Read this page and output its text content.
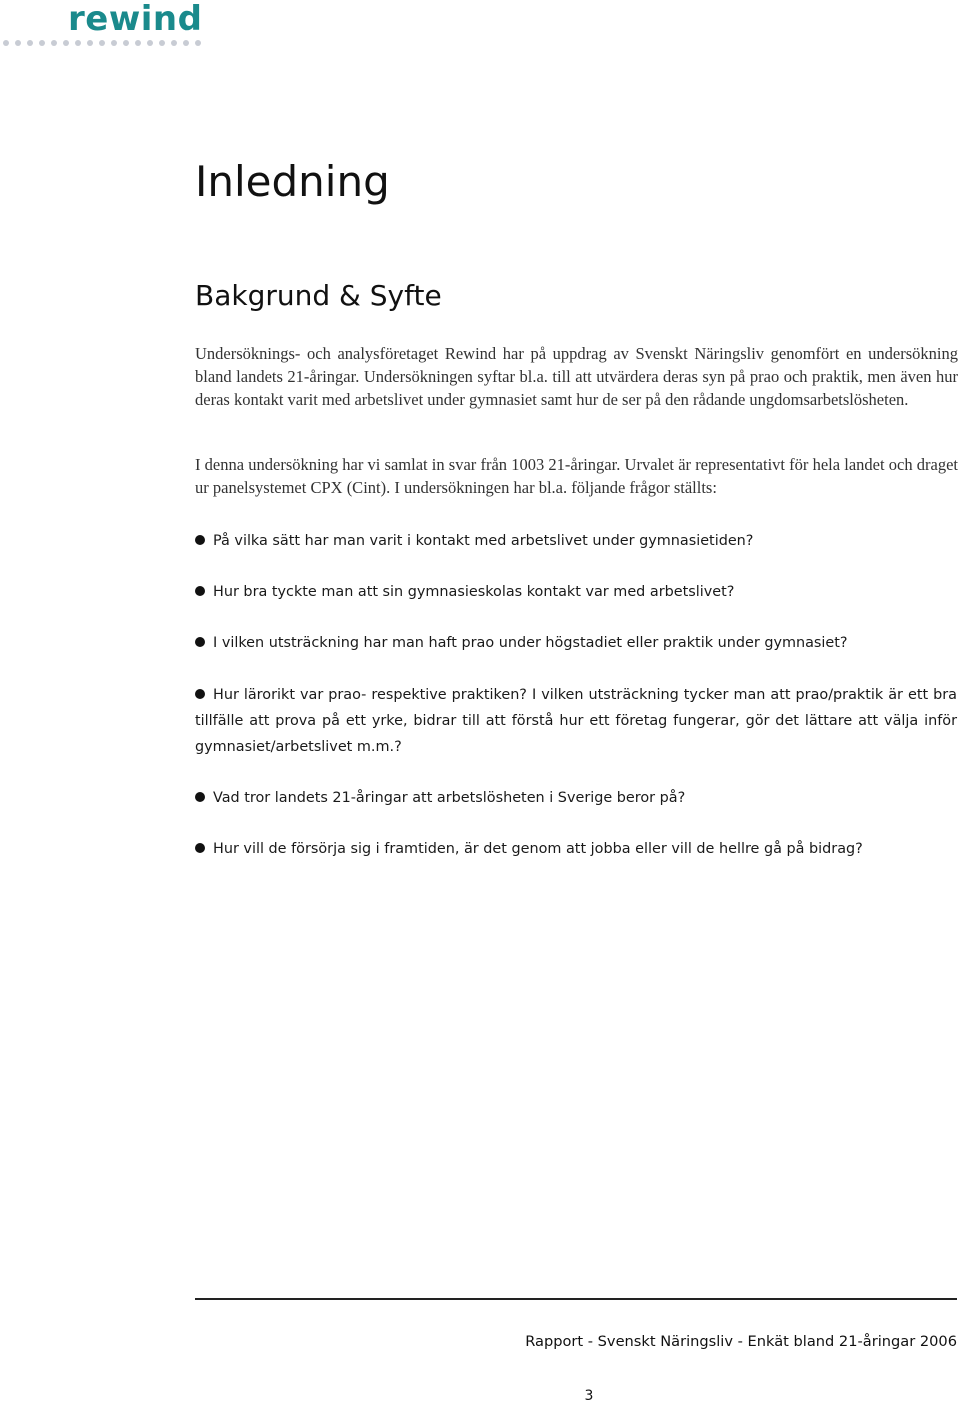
rewind
Inledning
Bakgrund & Syfte

Undersöknings- och analysföretaget Rewind har på uppdrag av Svenskt Näringsliv genomfört en undersökning bland landets 21-åringar. Undersökningen syftar bl.a. till att utvärdera deras syn på prao och praktik, men även hur deras kontakt varit med arbetslivet under gymnasiet samt hur de ser på den rådande ungdomsarbetslösheten.

I denna undersökning har vi samlat in svar från 1003 21-åringar. Urvalet är representativt för hela landet och draget ur panelsystemet CPX (Cint). I undersökningen har bl.a. följande frågor ställts:

På vilka sätt har man varit i kontakt med arbetslivet under gymnasietiden?

Hur bra tyckte man att sin gymnasieskolas kontakt var med arbetslivet?

I vilken utsträckning har man haft prao under högstadiet eller praktik under gymnasiet?

Hur lärorikt var prao- respektive praktiken? I vilken utsträckning tycker man att prao/praktik är ett bra tillfälle att prova på ett yrke, bidrar till att förstå hur ett företag fungerar, gör det lättare att välja inför gymnasiet/arbetslivet m.m.?

Vad tror landets 21-åringar att arbetslösheten i Sverige beror på?

Hur vill de försörja sig i framtiden, är det genom att jobba eller vill de hellre gå på bidrag?

Rapport - Svenskt Näringsliv - Enkät bland 21-åringar 2006
3
